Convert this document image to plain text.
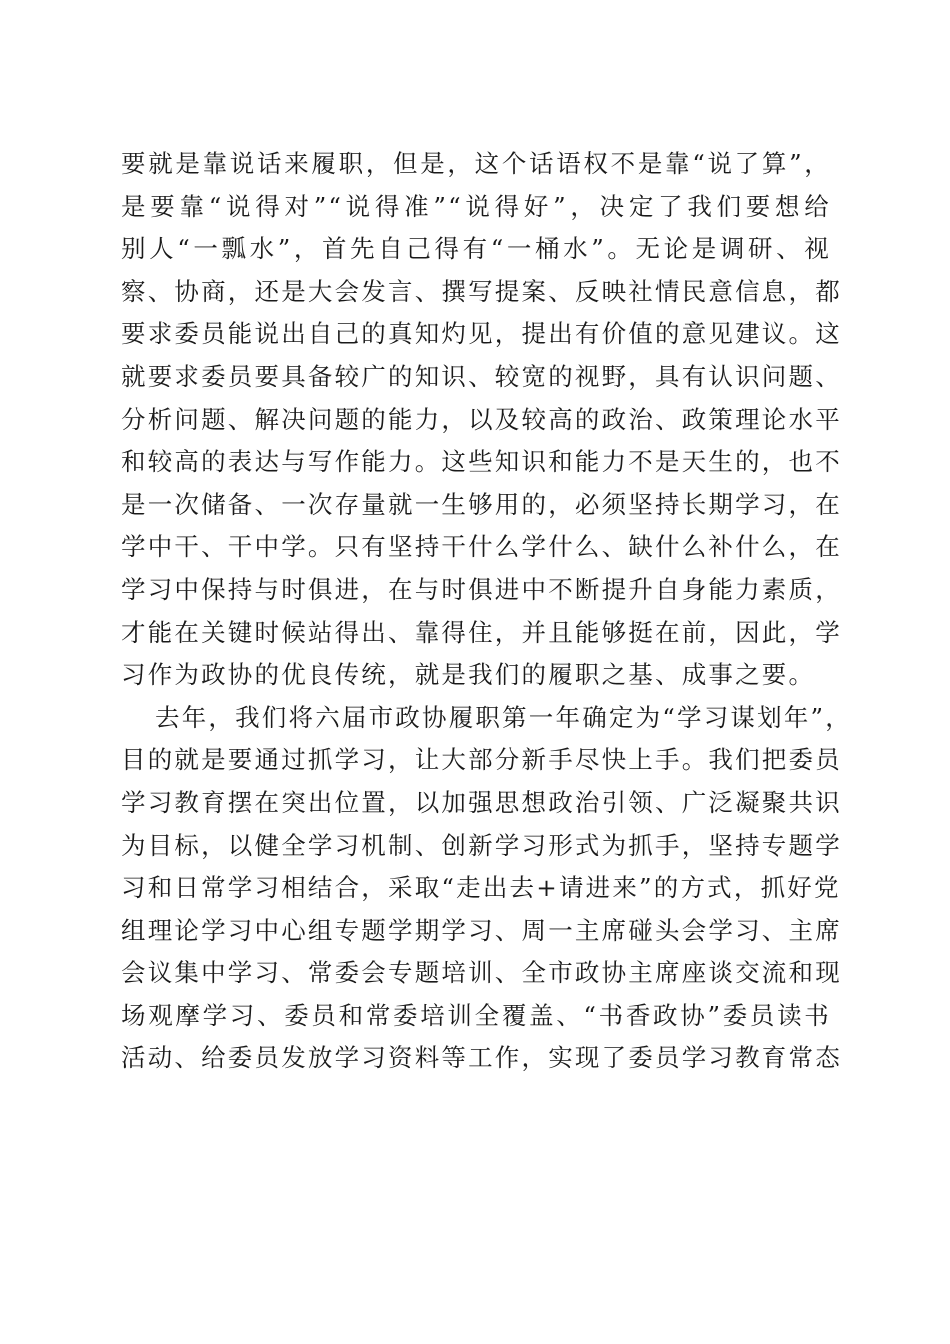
要就是靠说话来履职，但是，这个话语权不是靠“说了算”，
是要靠“说得对”“说得准”“说得好”，决定了我们要想给
别人“一瓢水”，首先自己得有“一桶水”。无论是调研、视
察、协商，还是大会发言、撰写提案、反映社情民意信息，都
要求委员能说出自己的真知灼见，提出有价值的意见建议。这
就要求委员要具备较广的知识、较宽的视野，具有认识问题、
分析问题、解决问题的能力，以及较高的政治、政策理论水平
和较高的表达与写作能力。这些知识和能力不是天生的，也不
是一次储备、一次存量就一生够用的，必须坚持长期学习，在
学中干、干中学。只有坚持干什么学什么、缺什么补什么，在
学习中保持与时俱进，在与时俱进中不断提升自身能力素质，
才能在关键时候站得出、靠得住，并且能够挺在前，因此，学
习作为政协的优良传统，就是我们的履职之基、成事之要。
去年，我们将六届市政协履职第一年确定为“学习谋划年”，
目的就是要通过抓学习，让大部分新手尽快上手。我们把委员
学习教育摆在突出位置，以加强思想政治引领、广泛凝聚共识
为目标，以健全学习机制、创新学习形式为抓手，坚持专题学
习和日常学习相结合，采取“走出去+请进来”的方式，抓好党
组理论学习中心组专题学期学习、周一主席碰头会学习、主席
会议集中学习、常委会专题培训、全市政协主席座谈交流和现
场观摩学习、委员和常委培训全覆盖、“书香政协”委员读书
活动、给委员发放学习资料等工作，实现了委员学习教育常态
